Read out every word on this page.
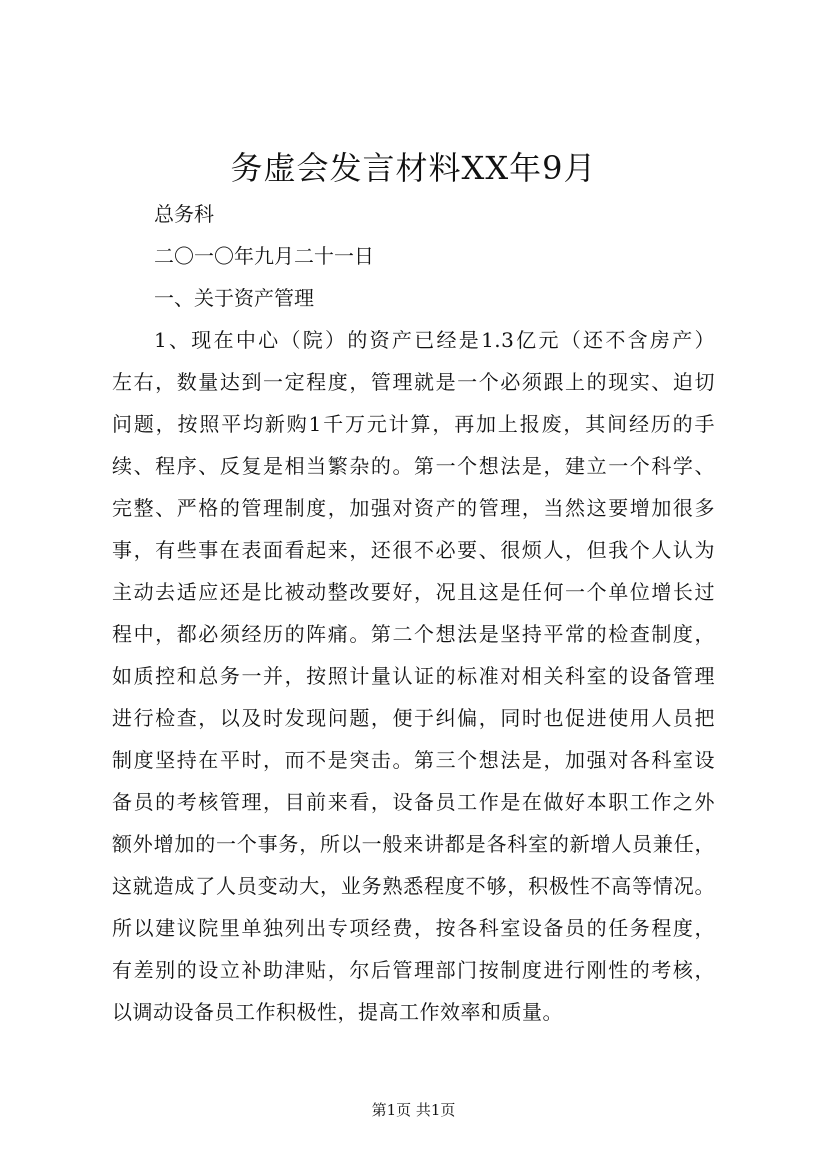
务虚会发言材料XX年9月
总务科
二〇一〇年九月二十一日
一、关于资产管理
1、现在中心（院）的资产已经是1.3亿元（还不含房产）
左右，数量达到一定程度，管理就是一个必须跟上的现实、迫切
问题，按照平均新购1千万元计算，再加上报废，其间经历的手
续、程序、反复是相当繁杂的。第一个想法是，建立一个科学、
完整、严格的管理制度，加强对资产的管理，当然这要增加很多
事，有些事在表面看起来，还很不必要、很烦人，但我个人认为
主动去适应还是比被动整改要好，况且这是任何一个单位增长过
程中，都必须经历的阵痛。第二个想法是坚持平常的检查制度，
如质控和总务一并，按照计量认证的标准对相关科室的设备管理
进行检查，以及时发现问题，便于纠偏，同时也促进使用人员把
制度坚持在平时，而不是突击。第三个想法是，加强对各科室设
备员的考核管理，目前来看，设备员工作是在做好本职工作之外
额外增加的一个事务，所以一般来讲都是各科室的新增人员兼任，
这就造成了人员变动大，业务熟悉程度不够，积极性不高等情况。
所以建议院里单独列出专项经费，按各科室设备员的任务程度，
有差别的设立补助津贴，尔后管理部门按制度进行刚性的考核，
以调动设备员工作积极性，提高工作效率和质量。
第1页 共1页
